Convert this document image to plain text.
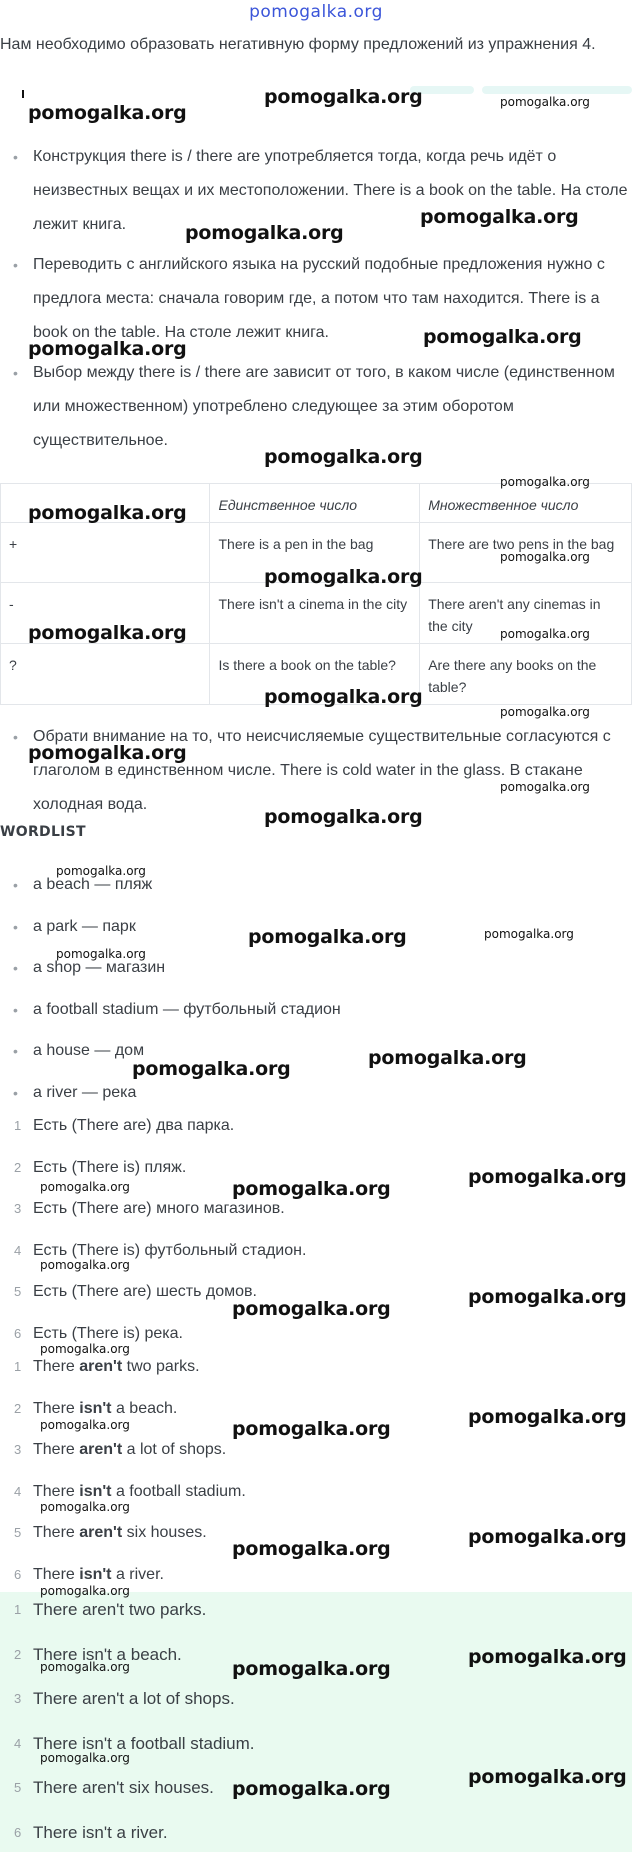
pomogalka.org

Нам необходимо образовать негативную форму предложений из упражнения 4.

• Конструкция there is / there are употребляется тогда, когда речь идёт о неизвестных вещах и их местоположении. There is a book on the table. На столе лежит книга.
• Переводить с английского языка на русский подобные предложения нужно с предлога места: сначала говорим где, а потом что там находится. There is a book on the table. На столе лежит книга.
• Выбор между there is / there are зависит от того, в каком числе (единственном или множественном) употреблено следующее за этим оборотом существительное.
	Единственное число	Множественное число
+	There is a pen in the bag	There are two pens in the bag
-	There isn't a cinema in the city	There aren't any cinemas in the city
?	Is there a book on the table?	Are there any books on the table?
• Обрати внимание на то, что неисчисляемые существительные согласуются с глаголом в единственном числе. There is cold water in the glass. В стакане холодная вода.
WORDLIST
• a beach — пляж
• a park — парк
• a shop — магазин
• a football stadium — футбольный стадион
• a house — дом
• a river — река
1 Есть (There are) два парка.
2 Есть (There is) пляж.
3 Есть (There are) много магазинов.
4 Есть (There is) футбольный стадион.
5 Есть (There are) шесть домов.
6 Есть (There is) река.
1 There aren't two parks.
2 There isn't a beach.
3 There aren't a lot of shops.
4 There isn't a football stadium.
5 There aren't six houses.
6 There isn't a river.
1 There aren't two parks.
2 There isn't a beach.
3 There aren't a lot of shops.
4 There isn't a football stadium.
5 There aren't six houses.
6 There isn't a river.
pomogalka.org
pomogalka.org	pomogalka.org
pomogalka.org
pomogalka.org
pomogalka.org
pomogalka.org
pomogalka.org
pomogalka.org
pomogalka.org
pomogalka.org
pomogalka.org
pomogalka.org
pomogalka.org
pomogalka.org
pomogalka.org
pomogalka.org
pomogalka.org
pomogalka.org
pomogalka.org
pomogalka.org	pomogalka.org
pomogalka.org
pomogalka.org
pomogalka.org
pomogalka.org
pomogalka.org
pomogalka.org
pomogalka.org
pomogalka.org
pomogalka.org
pomogalka.org
pomogalka.org
pomogalka.org	pomogalka.org
pomogalka.org
pomogalka.org
pomogalka.org
pomogalka.org
pomogalka.org
pomogalka.org	pomogalka.org
pomogalka.org
pomogalka.org
pomogalka.org
